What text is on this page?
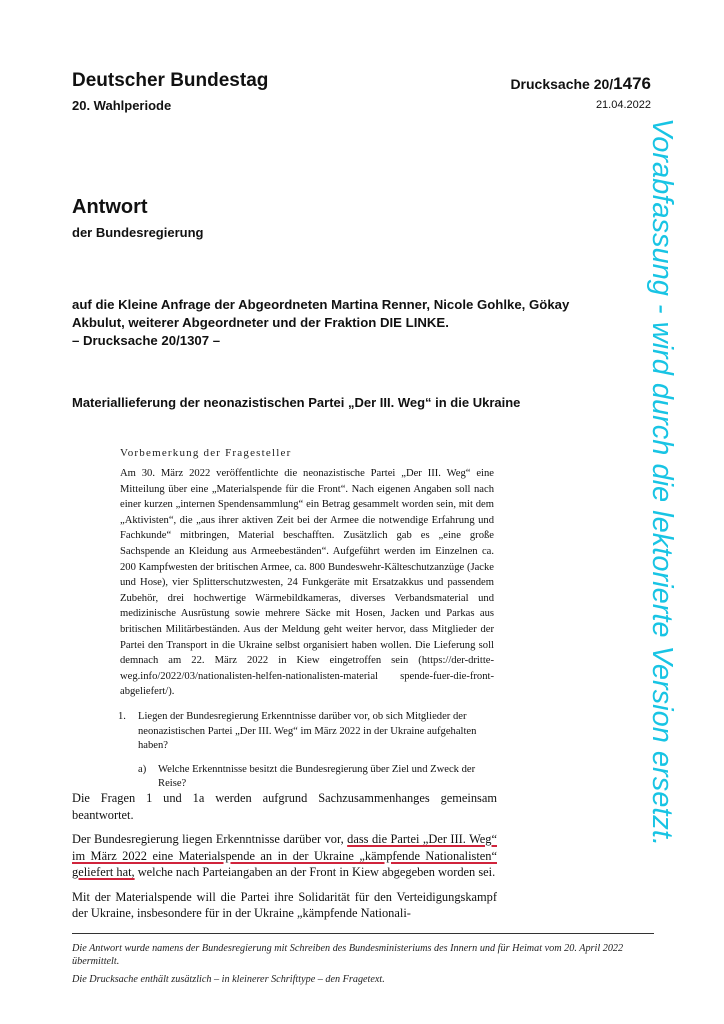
Deutscher Bundestag
20. Wahlperiode
Drucksache 20/1476
21.04.2022
Antwort
der Bundesregierung
auf die Kleine Anfrage der Abgeordneten Martina Renner, Nicole Gohlke, Gökay
Akbulut, weiterer Abgeordneter und der Fraktion DIE LINKE.
– Drucksache 20/1307 –
Materiallieferung der neonazistischen Partei „Der III. Weg“ in die Ukraine
Vorbemerkung der Fragesteller
Am 30. März 2022 veröffentlichte die neonazistische Partei „Der III. Weg“ eine Mitteilung über eine „Materialspende für die Front“. Nach eigenen Angaben soll nach einer kurzen „internen Spendensammlung“ ein Betrag gesammelt worden sein, mit dem „Aktivisten“, die „aus ihrer aktiven Zeit bei der Armee die notwendige Erfahrung und Fachkunde“ mitbringen, Material beschafften. Zusätzlich gab es „eine große Sachspende an Kleidung aus Armeebeständen“. Aufgeführt werden im Einzelnen ca. 200 Kampfwesten der britischen Armee, ca. 800 Bundeswehr-Kälteschutzanzüge (Jacke und Hose), vier Splitterschutzwesten, 24 Funkgeräte mit Ersatzakkus und passendem Zubehör, drei hochwertige Wärmebildkameras, diverses Verbandsmaterial und medizinische Ausrüstung sowie mehrere Säcke mit Hosen, Jacken und Parkas aus britischen Militärbeständen. Aus der Meldung geht weiter hervor, dass Mitglieder der Partei den Transport in die Ukraine selbst organisiert haben wollen. Die Lieferung soll demnach am 22. März 2022 in Kiew eingetroffen sein (https://der-dritte-weg.info/2022/03/nationalisten-helfen-nationalisten-material spende-fuer-die-front-abgeliefert/).
1.	Liegen der Bundesregierung Erkenntnisse darüber vor, ob sich Mitglieder der neonazistischen Partei „Der III. Weg“ im März 2022 in der Ukraine aufgehalten haben?
a)	Welche Erkenntnisse besitzt die Bundesregierung über Ziel und Zweck der Reise?

Die Fragen 1 und 1a werden aufgrund Sachzusammenhanges gemeinsam beantwortet.

Der Bundesregierung liegen Erkenntnisse darüber vor, dass die Partei „Der III. Weg“ im März 2022 eine Materialspende an in der Ukraine „kämpfende Nationalisten“ geliefert hat, welche nach Parteiangaben an der Front in Kiew abgegeben worden sei.

Mit der Materialspende will die Partei ihre Solidarität für den Verteidigungskampf der Ukraine, insbesondere für in der Ukraine „kämpfende Nationali-

Die Antwort wurde namens der Bundesregierung mit Schreiben des Bundesministeriums des Innern und für Heimat vom 20. April 2022 übermittelt.

Die Drucksache enthält zusätzlich – in kleinerer Schrifttype – den Fragetext.

Vorabfassung - wird durch die lektorierte Version ersetzt.
